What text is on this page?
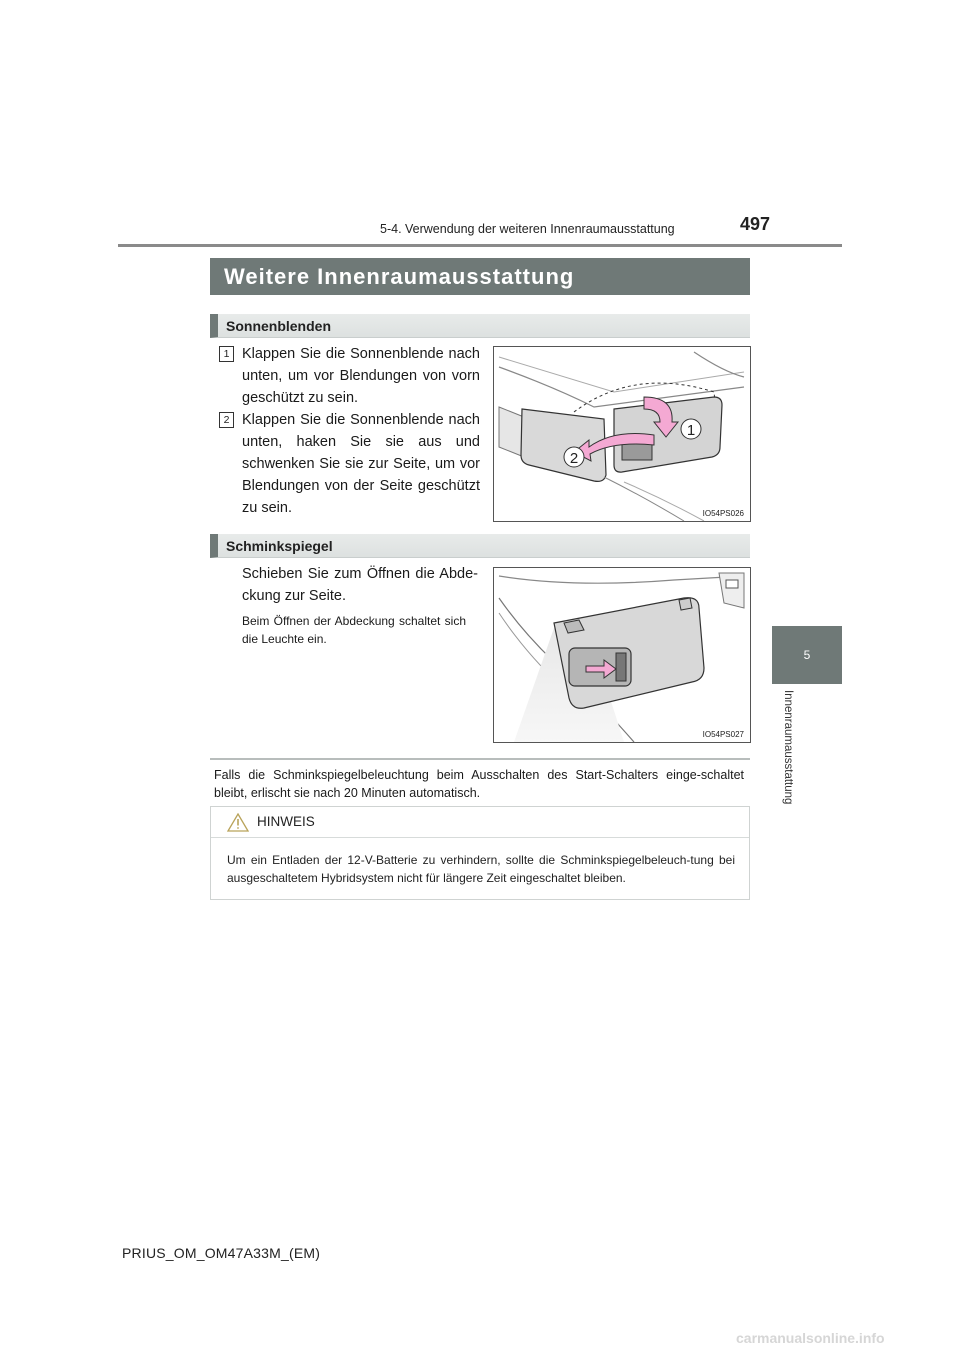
5-4. Verwendung der weiteren Innenraumausstattung	497
5
Innenraumausstattung
Weitere Innenraumausstattung
Sonnenblenden
1 Klappen Sie die Sonnenblende nach unten, um vor Blendungen von vorn geschützt zu sein.
2 Klappen Sie die Sonnenblende nach unten, haken Sie sie aus und schwenken Sie sie zur Seite, um vor Blendungen von der Seite geschützt zu sein.
1
2
IO54PS026
Schminkspiegel
Schieben Sie zum Öffnen die Abde-ckung zur Seite.
Beim Öffnen der Abdeckung schaltet sich die Leuchte ein.
IO54PS027
Falls die Schminkspiegelbeleuchtung beim Ausschalten des Start-Schalters einge-schaltet bleibt, erlischt sie nach 20 Minuten automatisch.
HINWEIS
Um ein Entladen der 12-V-Batterie zu verhindern, sollte die Schminkspiegelbeleuch-tung bei ausgeschaltetem Hybridsystem nicht für längere Zeit eingeschaltet bleiben.
PRIUS_OM_OM47A33M_(EM)
carmanualsonline.info
